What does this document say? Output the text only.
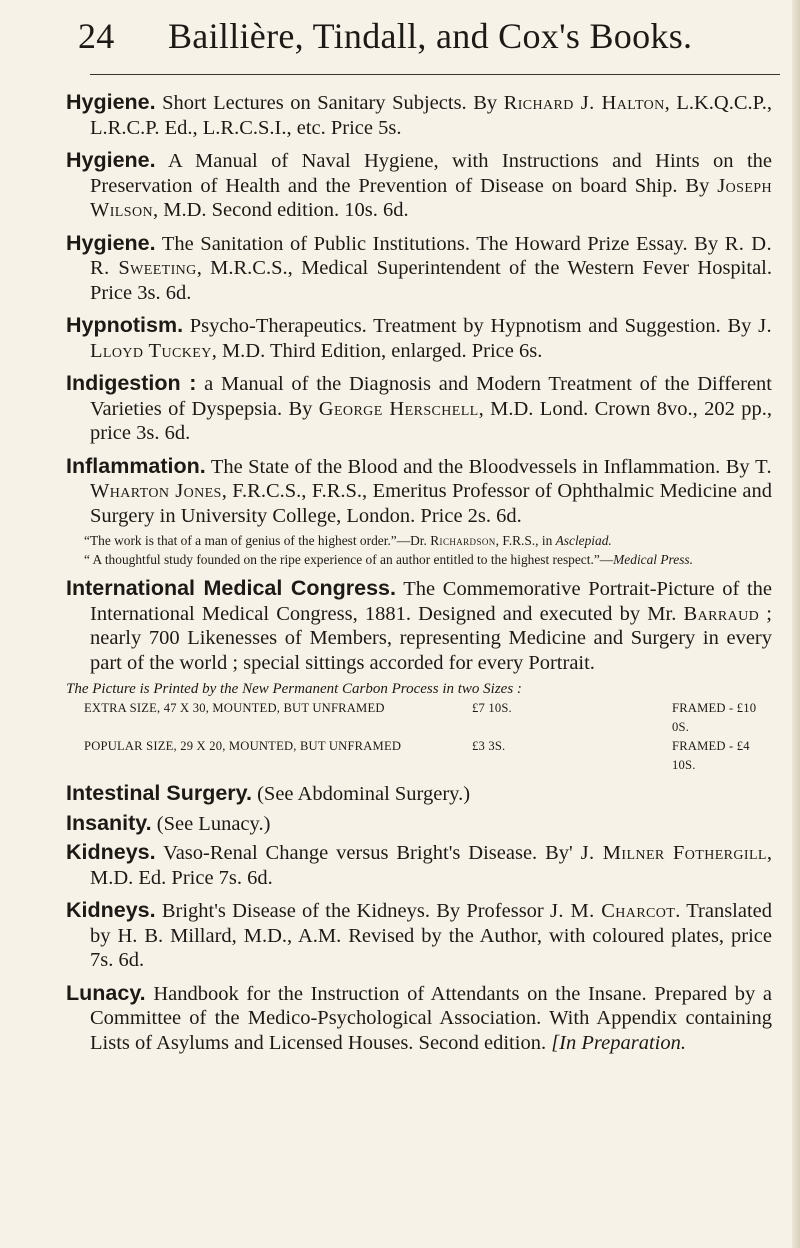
24 Baillière, Tindall, and Cox's Books.

Hygiene. Short Lectures on Sanitary Subjects. By Richard J. Halton, L.K.Q.C.P., L.R.C.P. Ed., L.R.C.S.I., etc. Price 5s.

Hygiene. A Manual of Naval Hygiene, with Instructions and Hints on the Preservation of Health and the Prevention of Disease on board Ship. By Joseph Wilson, M.D. Second edition. 10s. 6d.

Hygiene. The Sanitation of Public Institutions. The Howard Prize Essay. By R. D. R. Sweeting, M.R.C.S., Medical Superintendent of the Western Fever Hospital. Price 3s. 6d.

Hypnotism. Psycho-Therapeutics. Treatment by Hypnotism and Suggestion. By J. Lloyd Tuckey, M.D. Third Edition, enlarged. Price 6s.

Indigestion : a Manual of the Diagnosis and Modern Treatment of the Different Varieties of Dyspepsia. By George Herschell, M.D. Lond. Crown 8vo., 202 pp., price 3s. 6d.

Inflammation. The State of the Blood and the Bloodvessels in Inflammation. By T. Wharton Jones, F.R.C.S., F.R.S., Emeritus Professor of Ophthalmic Medicine and Surgery in University College, London. Price 2s. 6d.

“The work is that of a man of genius of the highest order.”—Dr. Richardson, F.R.S., in Asclepiad.

“ A thoughtful study founded on the ripe experience of an author entitled to the highest respect.”—Medical Press.

International Medical Congress. The Commemorative Portrait-Picture of the International Medical Congress, 1881. Designed and executed by Mr. Barraud ; nearly 700 Likenesses of Members, representing Medicine and Surgery in every part of the world ; special sittings accorded for every Portrait.

The Picture is Printed by the New Permanent Carbon Process in two Sizes :

EXTRA SIZE, 47 X 30, MOUNTED, BUT UNFRAMED	£7 10S.	FRAMED - £10 0S.
POPULAR SIZE, 29 X 20, MOUNTED, BUT UNFRAMED	£3 3S.	FRAMED - £4 10S.

Intestinal Surgery. (See Abdominal Surgery.)

Insanity. (See Lunacy.)

Kidneys. Vaso-Renal Change versus Bright's Disease. By' J. Milner Fothergill, M.D. Ed. Price 7s. 6d.

Kidneys. Bright's Disease of the Kidneys. By Professor J. M. Charcot. Translated by H. B. Millard, M.D., A.M. Revised by the Author, with coloured plates, price 7s. 6d.

Lunacy. Handbook for the Instruction of Attendants on the Insane. Prepared by a Committee of the Medico-Psychological Association. With Appendix containing Lists of Asylums and Licensed Houses. Second edition. [In Preparation.
